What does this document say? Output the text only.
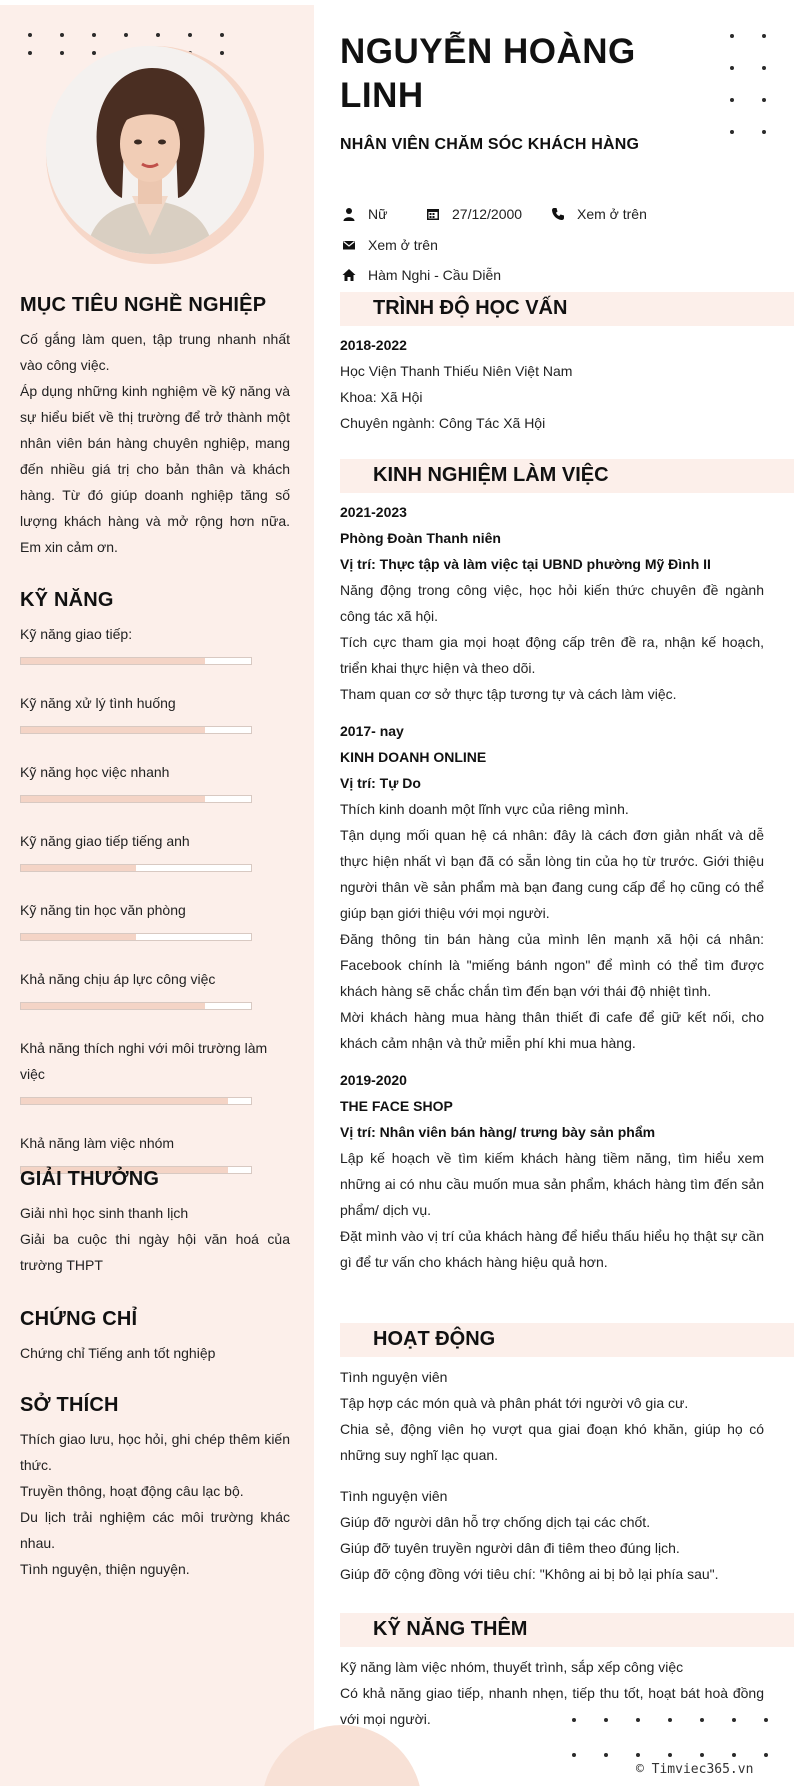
MỤC TIÊU NGHỀ NGHIỆP

Cố gắng làm quen, tập trung nhanh nhất vào công việc.

Áp dụng những kinh nghiệm về kỹ năng và sự hiểu biết về thị trường để trở thành một nhân viên bán hàng chuyên nghiệp, mang đến nhiều giá trị cho bản thân và khách hàng. Từ đó giúp doanh nghiệp tăng số lượng khách hàng và mở rộng hơn nữa. Em xin cảm ơn.

KỸ NĂNG
Kỹ năng giao tiếp:
Kỹ năng xử lý tình huống
Kỹ năng học việc nhanh
Kỹ năng giao tiếp tiếng anh
Kỹ năng tin học văn phòng
Khả năng chịu áp lực công việc
Khả năng thích nghi với môi trường làm việc
Khả năng làm việc nhóm
GIẢI THƯỞNG

Giải nhì học sinh thanh lịch

Giải ba cuộc thi ngày hội văn hoá của trường THPT

CHỨNG CHỈ

Chứng chỉ Tiếng anh tốt nghiệp

SỞ THÍCH

Thích giao lưu, học hỏi, ghi chép thêm kiến thức.

Truyền thông, hoạt động câu lạc bộ.

Du lịch trải nghiệm các môi trường khác nhau.

Tình nguyện, thiện nguyện.

NGUYỄN HOÀNG LINH
NHÂN VIÊN CHĂM SÓC KHÁCH HÀNG
Nữ	27/12/2000	Xem ở trên
Xem ở trên
Hàm Nghi - Cầu Diễn
TRÌNH ĐỘ HỌC VẤN

2018-2022

Học Viện Thanh Thiếu Niên Việt Nam

Khoa: Xã Hội

Chuyên ngành: Công Tác Xã Hội

KINH NGHIỆM LÀM VIỆC

2021-2023

Phòng Đoàn Thanh niên

Vị trí: Thực tập và làm việc tại UBND phường Mỹ Đình II

Năng động trong công việc, học hỏi kiến thức chuyên đề ngành công tác xã hội.

Tích cực tham gia mọi hoạt động cấp trên đề ra, nhận kế hoạch, triển khai thực hiện và theo dõi.

Tham quan cơ sở thực tập tương tự và cách làm việc.

2017- nay

KINH DOANH ONLINE

Vị trí: Tự Do

Thích kinh doanh một lĩnh vực của riêng mình.

Tận dụng mối quan hệ cá nhân: đây là cách đơn giản nhất và dễ thực hiện nhất vì bạn đã có sẵn lòng tin của họ từ trước. Giới thiệu người thân về sản phẩm mà bạn đang cung cấp để họ cũng có thể giúp bạn giới thiệu với mọi người.

Đăng thông tin bán hàng của mình lên mạnh xã hội cá nhân: Facebook chính là "miếng bánh ngon" để mình có thể tìm được khách hàng sẽ chắc chắn tìm đến bạn với thái độ nhiệt tình.

Mời khách hàng mua hàng thân thiết đi cafe để giữ kết nối, cho khách cảm nhận và thử miễn phí khi mua hàng.

2019-2020

THE FACE SHOP

Vị trí: Nhân viên bán hàng/ trưng bày sản phẩm

Lập kế hoạch về tìm kiếm khách hàng tiềm năng, tìm hiểu xem những ai có nhu cầu muốn mua sản phẩm, khách hàng tìm đến sản phẩm/ dịch vụ.

Đặt mình vào vị trí của khách hàng để hiểu thấu hiểu họ thật sự cần gì để tư vấn cho khách hàng hiệu quả hơn.

HOẠT ĐỘNG

Tình nguyện viên

Tập hợp các món quà và phân phát tới người vô gia cư.

Chia sẻ, động viên họ vượt qua giai đoạn khó khăn, giúp họ có những suy nghĩ lạc quan.

Tình nguyện viên

Giúp đỡ người dân hỗ trợ chống dịch tại các chốt.

Giúp đỡ tuyên truyền người dân đi tiêm theo đúng lịch.

Giúp đỡ cộng đồng với tiêu chí: "Không ai bị bỏ lại phía sau".

KỸ NĂNG THÊM

Kỹ năng làm việc nhóm, thuyết trình, sắp xếp công việc

Có khả năng giao tiếp, nhanh nhẹn, tiếp thu tốt, hoạt bát hoà đồng với mọi người.

© Timviec365.vn
